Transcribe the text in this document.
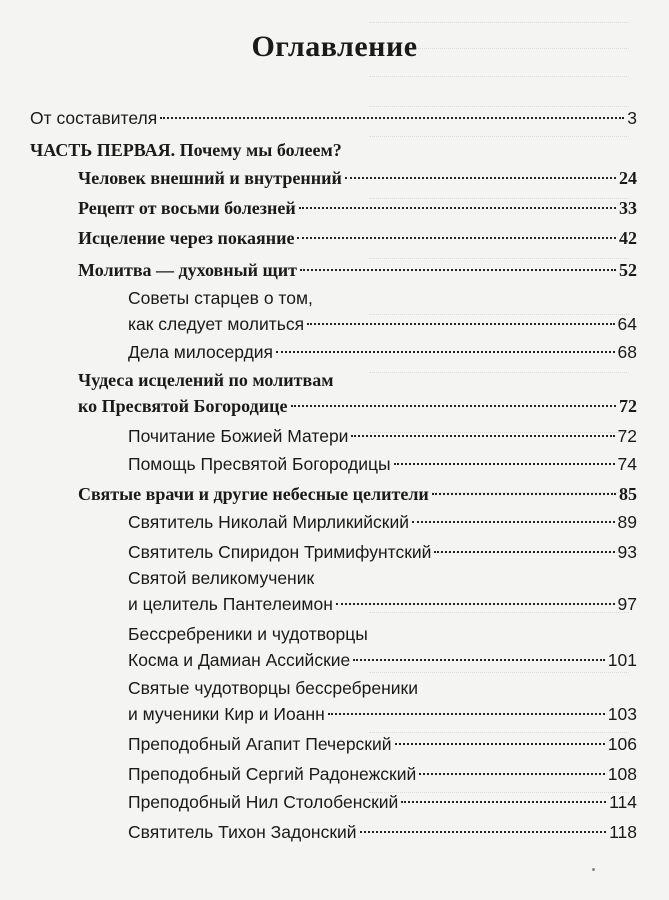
Оглавление
От составителя	3
ЧАСТЬ ПЕРВАЯ. Почему мы болеем?
Человек внешний и внутренний	24
Рецепт от восьми болезней	33
Исцеление через покаяние	42
Молитва — духовный щит	52
Советы старцев о том,
как следует молиться	64
Дела милосердия	68
Чудеса исцелений по молитвам
ко Пресвятой Богородице	72
Почитание Божией Матери	72
Помощь Пресвятой Богородицы	74
Святые врачи и другие небесные целители	85
Святитель Николай Мирликийский	89
Святитель Спиридон Тримифунтский	93
Святой великомученик
и целитель Пантелеимон	97
Бессребреники и чудотворцы
Косма и Дамиан Ассийские	101
Святые чудотворцы бессребреники
и мученики Кир и Иоанн	103
Преподобный Агапит Печерский	106
Преподобный Сергий Радонежский	108
Преподобный Нил Столобенский	114
Святитель Тихон Задонский	118
